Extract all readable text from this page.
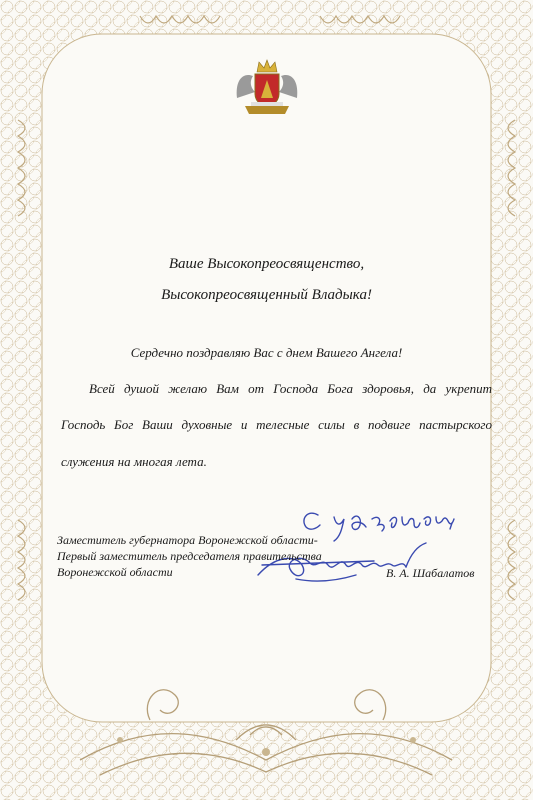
Ваше Высокопреосвященство,
Высокопреосвященный Владыка!
Сердечно поздравляю Вас с днем Вашего Ангела!
Всей душой желаю Вам от Господа Бога здоровья, да укрепит
Господь Бог Ваши духовные и телесные силы в подвиге пастырского
служения на многая лета.
Заместитель губернатора Воронежской области-
Первый заместитель председателя правительства
Воронежской области	В. А. Шабалатов
